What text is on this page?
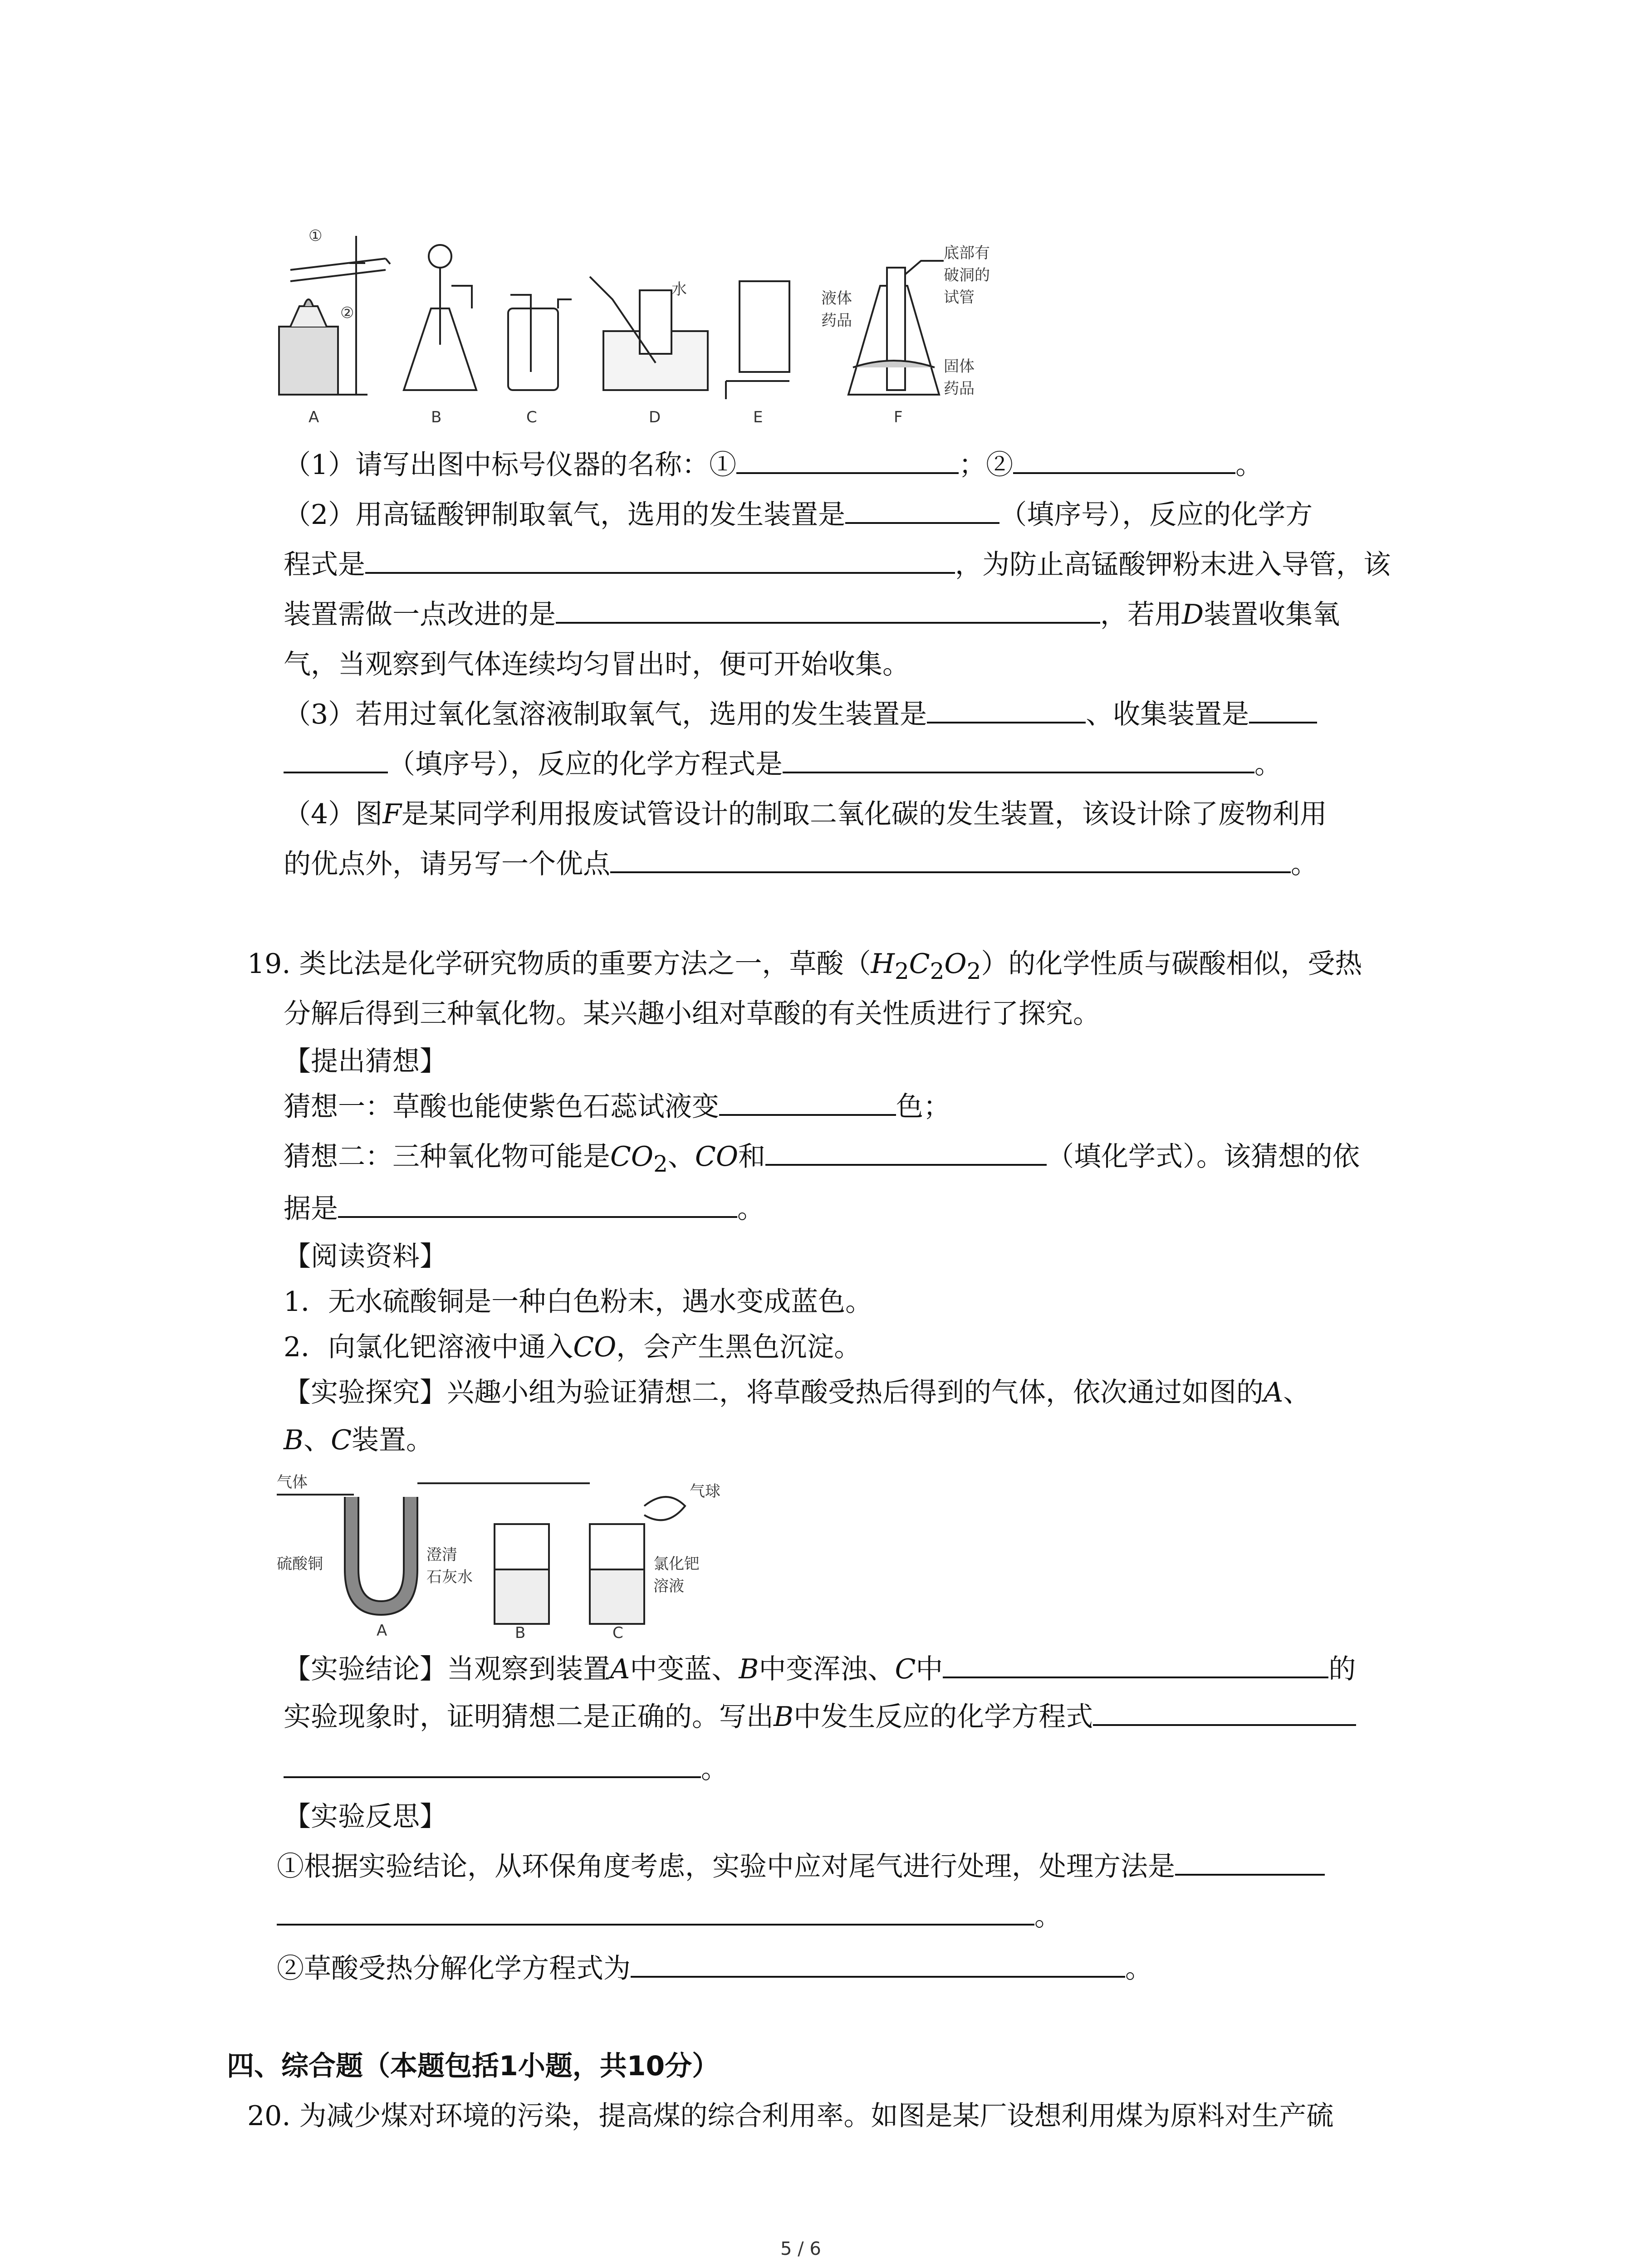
①
②
水	液体
药品
底部有
破洞的
试管
固体
药品
A	B	C	D	E	F
（1）请写出图中标号仪器的名称：①	；②	。
（2）用高锰酸钾制取氧气，选用的发生装置是	（填序号），反应的化学方
程式是	，为防止高锰酸钾粉末进入导管，该
装置需做一点改进的是	，若用D装置收集氧
气，当观察到气体连续均匀冒出时，便可开始收集。
（3）若用过氧化氢溶液制取氧气，选用的发生装置是	、收集装置是
（填序号），反应的化学方程式是	。
（4）图F是某同学利用报废试管设计的制取二氧化碳的发生装置，该设计除了废物利用
的优点外，请另写一个优点	。
19. 类比法是化学研究物质的重要方法之一，草酸$(H_2C_2O_2)$的化学性质与碳酸相似，受热
分解后得到三种氧化物。某兴趣小组对草酸的有关性质进行了探究。
【提出猜想】
猜想一：草酸也能使紫色石蕊试液变	色；
猜想二：三种氧化物可能是$CO_2$、CO和	（填化学式）。该猜想的依
据是	。
【阅读资料】
1．无水硫酸铜是一种白色粉末，遇水变成蓝色。
2．向氯化钯溶液中通入CO，会产生黑色沉淀。
【实验探究】兴趣小组为验证猜想二，将草酸受热后得到的气体，依次通过如图的A、
B、C装置。
气体
硫酸铜	澄清
石灰水
气球
氯化钯
溶液
A	B	C
【实验结论】当观察到装置A中变蓝、B中变浑浊、C中	的
实验现象时，证明猜想二是正确的。写出B中发生反应的化学方程式
。
【实验反思】
①根据实验结论，从环保角度考虑，实验中应对尾气进行处理，处理方法是
。
②草酸受热分解化学方程式为	。
四、综合题（本题包括1小题，共10分）
20. 为减少煤对环境的污染，提高煤的综合利用率。如图是某厂设想利用煤为原料对生产硫
5 / 6
